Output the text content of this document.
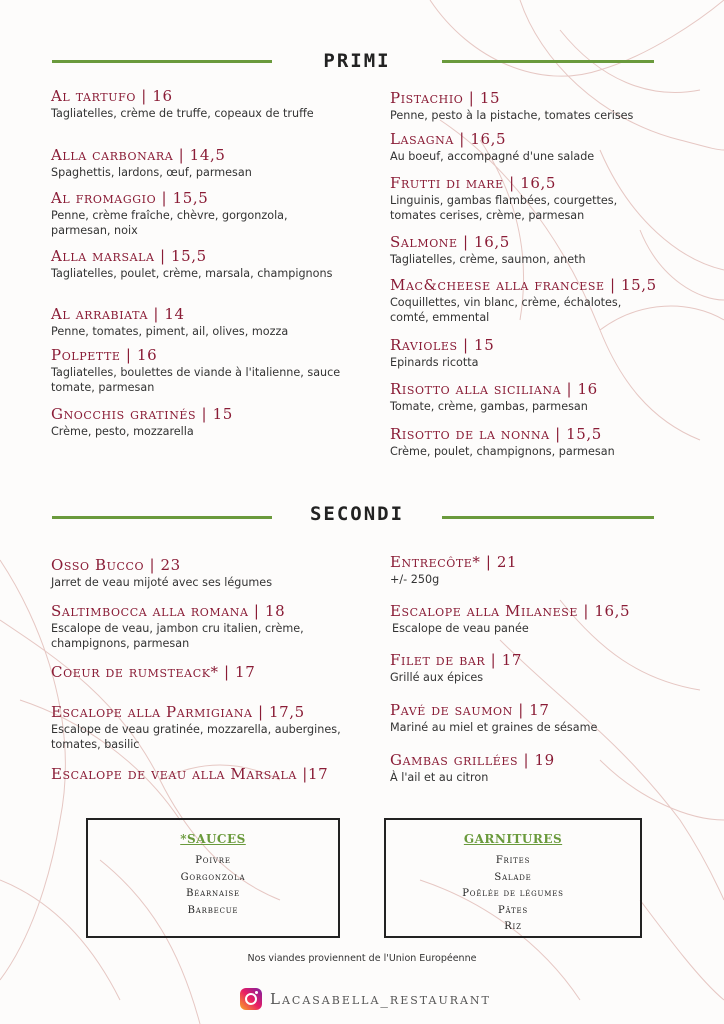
PRIMI
Al tartufo | 16
Tagliatelles, crème de truffe, copeaux de truffe
Alla carbonara | 14,5
Spaghettis, lardons, œuf, parmesan
Al fromaggio | 15,5
Penne, crème fraîche, chèvre, gorgonzola, parmesan, noix
Alla marsala | 15,5
Tagliatelles, poulet, crème, marsala, champignons
Al arrabiata | 14
Penne, tomates, piment, ail, olives, mozza
Polpette | 16
Tagliatelles, boulettes de viande à l'italienne, sauce tomate, parmesan
Gnocchis gratinés | 15
Crème, pesto, mozzarella
Pistachio | 15
Penne, pesto à la pistache, tomates cerises
Lasagna | 16,5
Au boeuf, accompagné d'une salade
Frutti di mare | 16,5
Linguinis, gambas flambées, courgettes, tomates cerises, crème, parmesan
Salmone | 16,5
Tagliatelles, crème, saumon, aneth
Mac&cheese alla francese | 15,5
Coquillettes, vin blanc, crème, échalotes, comté, emmental
Ravioles | 15
Epinards ricotta
Risotto alla siciliana | 16
Tomate, crème, gambas, parmesan
Risotto de la nonna | 15,5
Crème, poulet, champignons, parmesan
SECONDI
Osso Bucco | 23
Jarret de veau mijoté avec ses légumes
Saltimbocca alla romana | 18
Escalope de veau, jambon cru italien, crème, champignons, parmesan
Coeur de rumsteack* | 17
Escalope alla Parmigiana | 17,5
Escalope de veau gratinée, mozzarella, aubergines, tomates, basilic
Escalope de veau alla Marsala |17
Entrecôte* | 21
+/- 250g
Escalope alla Milanese | 16,5
Escalope de veau panée
Filet de bar | 17
Grillé aux épices
Pavé de saumon | 17
Mariné au miel et graines de sésame
Gambas grillées | 19
À l'ail et au citron
*SAUCES
Poivre
Gorgonzola
Béarnaise
Barbecue
GARNITURES
Frites
Salade
Poêlée de légumes
Pâtes
Riz
Nos viandes proviennent de l'Union Européenne
Lacasabella_restaurant
